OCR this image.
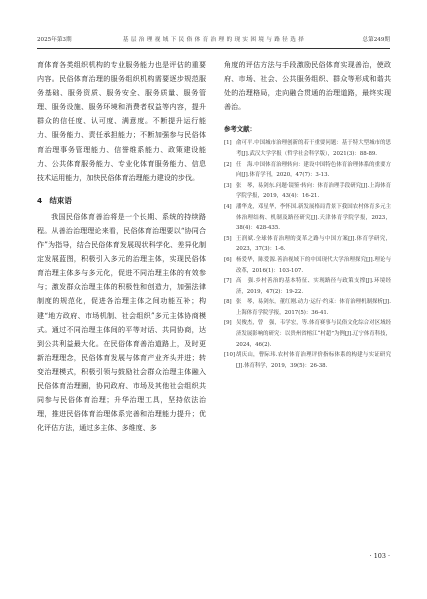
2025年第3期	基 层 治 理 视 域 下 民 俗 体 育 治 理 的 现 实 困 境 与 路 径 选 择	总第249期

育体育各类组织机构的专业服务能力也是评估的重要内容。民俗体育治理的服务组织机构需要逐步规范服务基础、服务资质、服务安全、服务质量、服务管理、服务设施、服务环境和消费者权益等内容，提升群众的信任度、认可度、满意度。不断提升运行能力、服务能力、责任承担能力；不断加强参与民俗体育治理事务管理能力、信誉维系能力、政策建设能力、公共体育服务能力、专业化体育服务能力、信息技术运用能力，加快民俗体育治理能力建设的步伐。

4　结束语

我国民俗体育善治将是一个长期、系统的持续路程。从善治治理理论来看，民俗体育治理要以“协同合作”为指导，结合民俗体育发展现状科学化、差异化制定发展蓝图，积极引入多元的治理主体，实现民俗体育治理主体多与多元化，促进不同治理主体的有效参与；激发群众治理主体的积极性和创造力，加强法律制度的规范化，促进各治理主体之间功能互补；构建“地方政府、市场机制、社会组织”多元主体协商模式。通过不同治理主体间的平等对话、共同协商，达到公共利益最大化。在民俗体育善治道路上，及时更新治理理念，民俗体育发展与体育产业齐头并进；转变治理模式，积极引领与鼓励社会群众治理主体融入民俗体育治理圈，协同政府、市场及其他社会组织共同参与民俗体育治理；升华治理工具，坚持依法治理，推进民俗体育治理体系完善和治理能力提升；优化评估方法，通过多主体、多维度、多

角度的评估方法与手段激励民俗体育实现善治，使政府、市场、社会、公共服务组织、群众等形成和谐共处的治理格局，走向融合贯通的治理道路，最终实现善治。

参考文献：
[1] 俞可平.中国城市治理创新的若干重要问题：基于特大型城市的思考[J].武汉大学学报（哲学社会科学版），2021(3)：88-89.
[2] 任　海.中国体育治理转向：建设中国特色体育治理体系的重要方向[J].体育学刊，2020，47(7)：3-13.
[3] 张　琴，易剑东.问题·镜鉴·转向：体育治理手段研究[J].上海体育学院学报，2019，43(4)：16-21.
[4] 潘华龙，邓星华，李怀国.新发展格局背景下我国农村体育多元主体治理结构、机制及路径研究[J].天津体育学院学报，2023，38(4)：428-435.
[5] 王润斌.全球体育治理的变革之路与中国方案[J].体育学研究，2023，37(3)：1-6.
[6] 杨爱华，陈爱源.善治视域下的中国现代大学治理探究[J].理论与改革，2016(1)：103-107.
[7] 高　强.乡村善治的基本特征、实现路径与政策支撑[J].环境经济，2019，47(2)：19-22.
[8] 张　琴，易剑东，董红刚.动力·运行·约束：体育治理机制探析[J].上海体育学院学报，2017(5)：36-41.
[9] 吴俊杰，曾　强，韦学宏，等.体育赛事与民俗文化综合对区域经济发展影响的研究：以贵州省榕江“村超”为例[J].辽宁体育科技，2024，46(2).
[10] 胡庆山，曹际玮.农村体育治理评价指标体系的构建与实证研究[J].体育科学，2019，39(5)：26-38.
· 103 ·
